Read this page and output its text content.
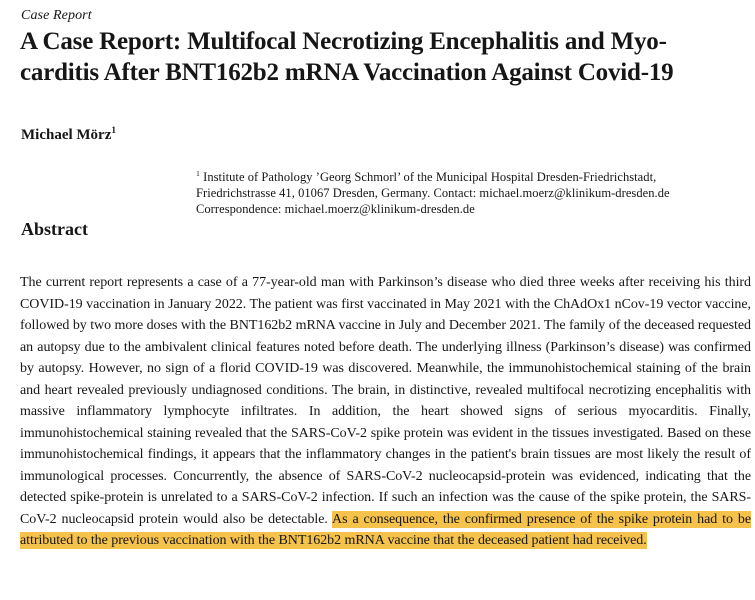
Case Report
A Case Report: Multifocal Necrotizing Encephalitis and Myo-
carditis After BNT162b2 mRNA Vaccination Against Covid-19
Michael Mörz$^1$
$^1$ Institute of Pathology ’Georg Schmorl’ of the Municipal Hospital Dresden-Friedrichstadt,
Friedrichstrasse 41, 01067 Dresden, Germany. Contact: michael.moerz@klinikum-dresden.de
Correspondence: michael.moerz@klinikum-dresden.de
Abstract

The current report represents a case of a 77-year-old man with Parkinson’s disease who died three weeks after receiving his third COVID-19 vaccination in January 2022. The patient was first vaccinated in May 2021 with the ChAdOx1 nCov-19 vector vaccine, followed by two more doses with the BNT162b2 mRNA vaccine in July and December 2021. The family of the deceased requested an autopsy due to the ambivalent clinical features noted before death. The underlying illness (Parkinson’s disease) was confirmed by autopsy. However, no sign of a florid COVID-19 was discovered. Meanwhile, the immunohistochemical staining of the brain and heart revealed previously undiagnosed conditions. The brain, in distinctive, revealed multifocal necrotizing encephalitis with massive inflammatory lymphocyte infiltrates. In addition, the heart showed signs of serious myocarditis. Finally, immunohistochemical staining revealed that the SARS-CoV-2 spike protein was evident in the tissues investigated. Based on these immunohistochemical findings, it appears that the inflammatory changes in the patient's brain tissues are most likely the result of immunological processes. Concurrently, the absence of SARS-CoV-2 nucleocapsid-protein was evidenced, indicating that the detected spike-protein is unrelated to a SARS-CoV-2 infection. If such an infection was the cause of the spike protein, the SARS-CoV-2 nucleocapsid protein would also be detectable. As a consequence, the confirmed presence of the spike protein had to be attributed to the previous vaccination with the BNT162b2 mRNA vaccine that the deceased patient had received.
